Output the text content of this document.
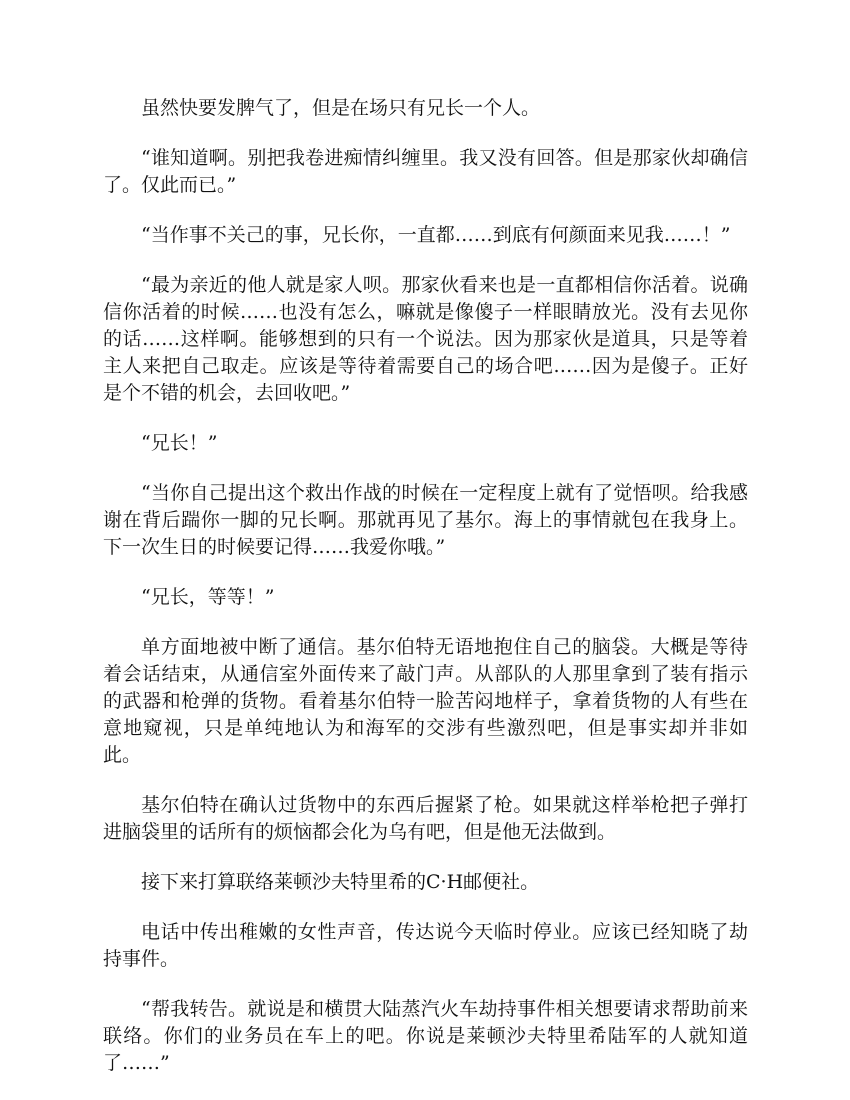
虽然快要发脾气了，但是在场只有兄长一个人。

“谁知道啊。别把我卷进痴情纠缠里。我又没有回答。但是那家伙却确信了。仅此而已。”

“当作事不关己的事，兄长你，一直都……到底有何颜面来见我……！”

“最为亲近的他人就是家人呗。那家伙看来也是一直都相信你活着。说确信你活着的时候……也没有怎么，嘛就是像傻子一样眼睛放光。没有去见你的话……这样啊。能够想到的只有一个说法。因为那家伙是道具，只是等着主人来把自己取走。应该是等待着需要自己的场合吧……因为是傻子。正好是个不错的机会，去回收吧。”

“兄长！”

“当你自己提出这个救出作战的时候在一定程度上就有了觉悟呗。给我感谢在背后踹你一脚的兄长啊。那就再见了基尔。海上的事情就包在我身上。下一次生日的时候要记得……我爱你哦。”

“兄长，等等！”

单方面地被中断了通信。基尔伯特无语地抱住自己的脑袋。大概是等待着会话结束，从通信室外面传来了敲门声。从部队的人那里拿到了装有指示的武器和枪弹的货物。看着基尔伯特一脸苦闷地样子，拿着货物的人有些在意地窥视，只是单纯地认为和海军的交涉有些激烈吧，但是事实却并非如此。

基尔伯特在确认过货物中的东西后握紧了枪。如果就这样举枪把子弹打进脑袋里的话所有的烦恼都会化为乌有吧，但是他无法做到。

接下来打算联络莱顿沙夫特里希的C·H邮便社。

电话中传出稚嫩的女性声音，传达说今天临时停业。应该已经知晓了劫持事件。

“帮我转告。就说是和横贯大陆蒸汽火车劫持事件相关想要请求帮助前来联络。你们的业务员在车上的吧。你说是莱顿沙夫特里希陆军的人就知道了……”
